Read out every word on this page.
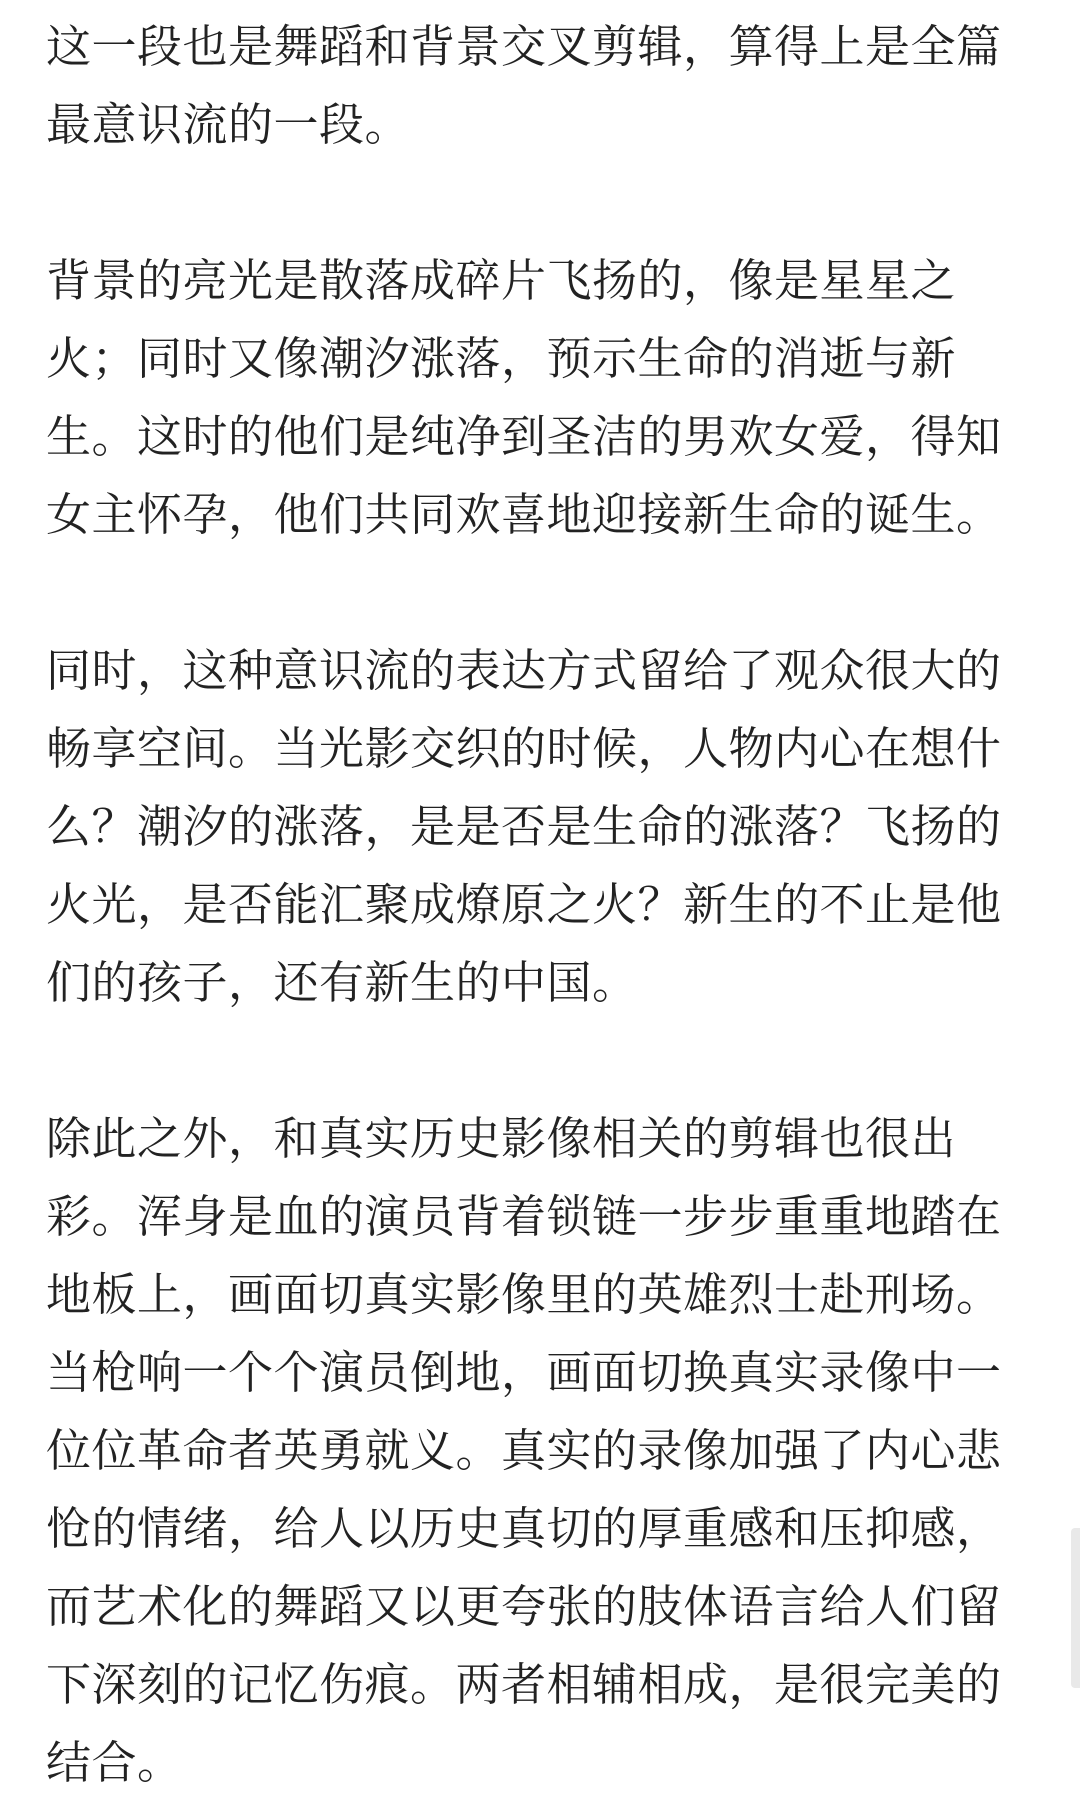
这一段也是舞蹈和背景交叉剪辑，算得上是全篇
最意识流的一段。

背景的亮光是散落成碎片飞扬的，像是星星之
火；同时又像潮汐涨落，预示生命的消逝与新
生。这时的他们是纯净到圣洁的男欢女爱，得知
女主怀孕，他们共同欢喜地迎接新生命的诞生。

同时，这种意识流的表达方式留给了观众很大的
畅享空间。当光影交织的时候，人物内心在想什
么？潮汐的涨落，是是否是生命的涨落？飞扬的
火光，是否能汇聚成燎原之火？新生的不止是他
们的孩子，还有新生的中国。

除此之外，和真实历史影像相关的剪辑也很出
彩。浑身是血的演员背着锁链一步步重重地踏在
地板上，画面切真实影像里的英雄烈士赴刑场。
当枪响一个个演员倒地，画面切换真实录像中一
位位革命者英勇就义。真实的录像加强了内心悲
怆的情绪，给人以历史真切的厚重感和压抑感，
而艺术化的舞蹈又以更夸张的肢体语言给人们留
下深刻的记忆伤痕。两者相辅相成，是很完美的
结合。
